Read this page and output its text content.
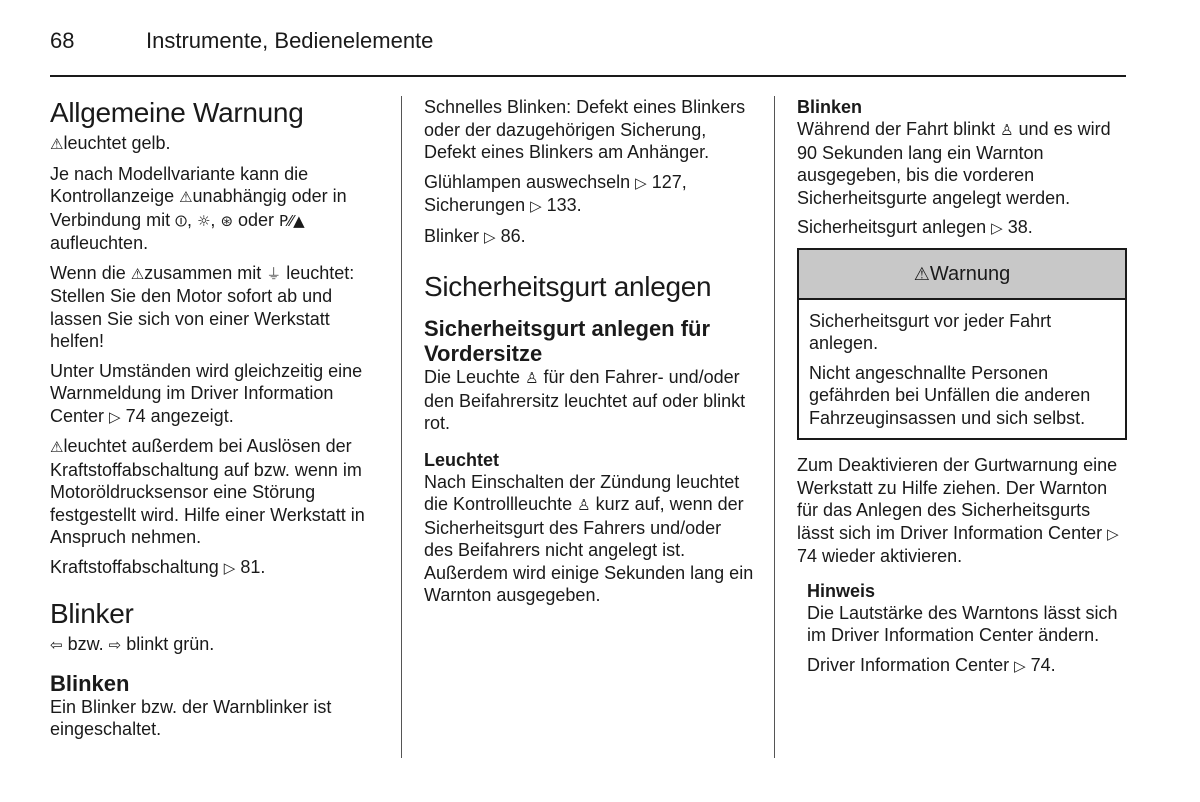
68	Instrumente, Bedienelemente
Allgemeine Warnung

⚠leuchtet gelb.

Je nach Modellvariante kann die Kontrollanzeige ⚠unabhängig oder in Verbindung mit ⏼, ☼, ⊛ oder P⁄⁄▲ aufleuchten.

Wenn die ⚠zusammen mit ⏚ leuchtet: Stellen Sie den Motor sofort ab und lassen Sie sich von einer Werkstatt helfen!

Unter Umständen wird gleichzeitig eine Warnmeldung im Driver Information Center ▷ 74 angezeigt.

⚠leuchtet außerdem bei Auslösen der Kraftstoffabschaltung auf bzw. wenn im Motoröldrucksensor eine Störung festgestellt wird. Hilfe einer Werkstatt in Anspruch nehmen.

Kraftstoffabschaltung ▷ 81.

Blinker

⇦ bzw. ⇨ blinkt grün.

Blinken

Ein Blinker bzw. der Warnblinker ist eingeschaltet.

Schnelles Blinken: Defekt eines Blinkers oder der dazugehörigen Sicherung, Defekt eines Blinkers am Anhänger.

Glühlampen auswechseln ▷ 127, Sicherungen ▷ 133.

Blinker ▷ 86.

Sicherheitsgurt anlegen
Sicherheitsgurt anlegen für Vordersitze

Die Leuchte ♙ für den Fahrer- und/oder den Beifahrersitz leuchtet auf oder blinkt rot.

Leuchtet

Nach Einschalten der Zündung leuchtet die Kontrollleuchte ♙ kurz auf, wenn der Sicherheitsgurt des Fahrers und/oder des Beifahrers nicht angelegt ist. Außerdem wird einige Sekunden lang ein Warnton ausgegeben.

Blinken

Während der Fahrt blinkt ♙ und es wird 90 Sekunden lang ein Warnton ausgegeben, bis die vorderen Sicherheitsgurte angelegt werden.

Sicherheitsgurt anlegen ▷ 38.

⚠Warnung

Sicherheitsgurt vor jeder Fahrt anlegen.

Nicht angeschnallte Personen gefährden bei Unfällen die anderen Fahrzeuginsassen und sich selbst.

Zum Deaktivieren der Gurtwarnung eine Werkstatt zu Hilfe ziehen. Der Warnton für das Anlegen des Sicherheitsgurts lässt sich im Driver Information Center ▷ 74 wieder aktivieren.

Hinweis

Die Lautstärke des Warntons lässt sich im Driver Information Center ändern.

Driver Information Center ▷ 74.
